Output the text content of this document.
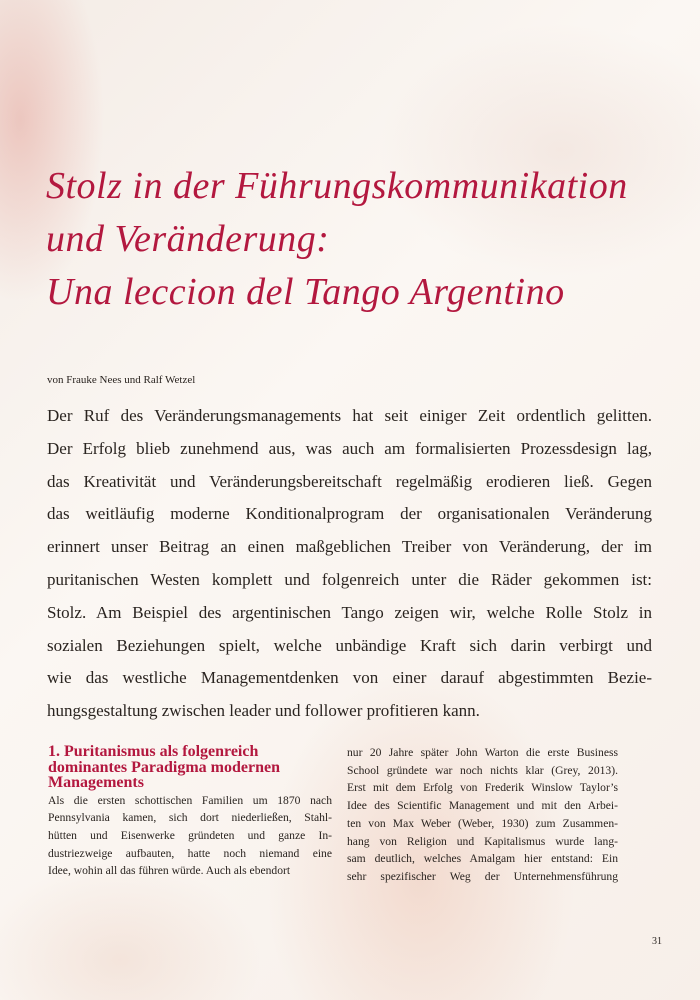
Stolz in der Führungskommunikation
und Veränderung:
Una leccion del Tango Argentino
von Frauke Nees und Ralf Wetzel
Der Ruf des Veränderungsmanagements hat seit einiger Zeit ordentlich gelitten.
Der Erfolg blieb zunehmend aus, was auch am formalisierten Prozessdesign lag,
das Kreativität und Veränderungsbereitschaft regelmäßig erodieren ließ. Gegen
das weitläufig moderne Konditionalprogram der organisationalen Veränderung
erinnert unser Beitrag an einen maßgeblichen Treiber von Veränderung, der im
puritanischen Westen komplett und folgenreich unter die Räder gekommen ist:
Stolz. Am Beispiel des argentinischen Tango zeigen wir, welche Rolle Stolz in
sozialen Beziehungen spielt, welche unbändige Kraft sich darin verbirgt und
wie das westliche Managementdenken von einer darauf abgestimmten Bezie-
hungsgestaltung zwischen leader und follower profitieren kann.
1. Puritanismus als folgenreich
dominantes Paradigma modernen
Managements
Als die ersten schottischen Familien um 1870 nach
Pennsylvania kamen, sich dort niederließen, Stahl-
hütten und Eisenwerke gründeten und ganze In-
dustriezweige aufbauten, hatte noch niemand eine
Idee, wohin all das führen würde. Auch als ebendort
nur 20 Jahre später John Warton die erste Business
School gründete war noch nichts klar (Grey, 2013).
Erst mit dem Erfolg von Frederik Winslow Taylor’s
Idee des Scientific Management und mit den Arbei-
ten von Max Weber (Weber, 1930) zum Zusammen-
hang von Religion und Kapitalismus wurde lang-
sam deutlich, welches Amalgam hier entstand: Ein
sehr spezifischer Weg der Unternehmensführung
31
